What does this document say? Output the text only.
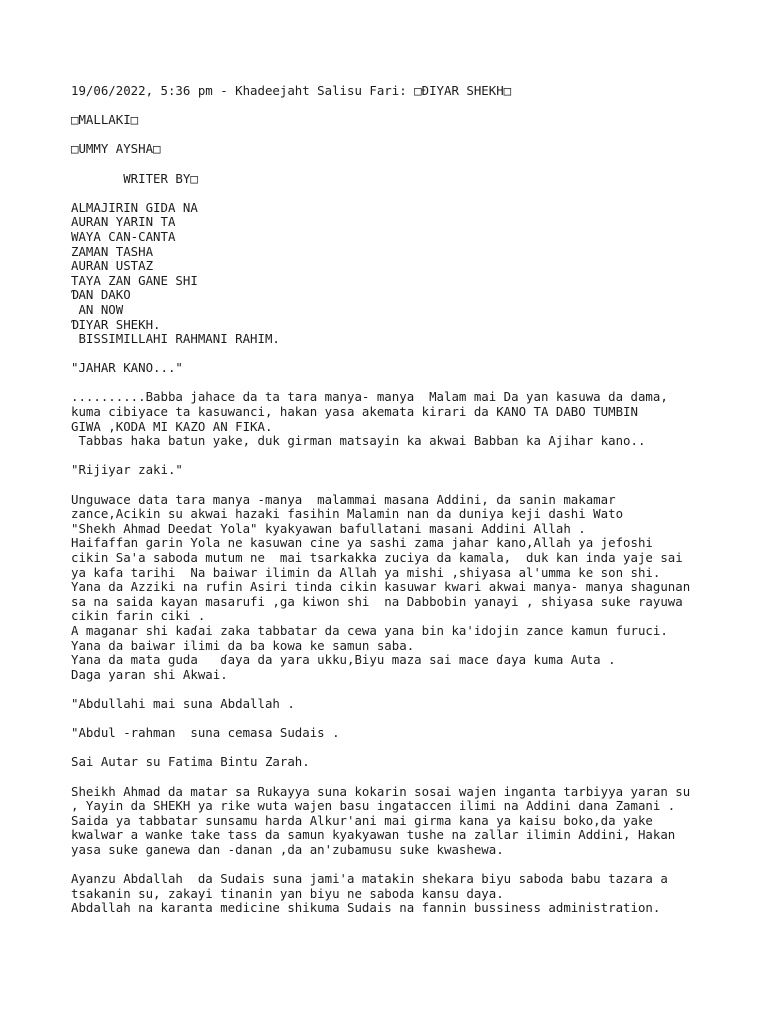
19/06/2022, 5:36 pm - Khadeejaht Salisu Fari: □ƉIYAR SHEKH□
□MALLAKI□
□UMMY AYSHA□
WRITER BY□
ALMAJIRIN GIDA NA
AURAN YARIN TA
WAYA CAN-CANTA
ZAMAN TASHA
AURAN USTAZ
TAYA ZAN GANE SHI
ƊAN DAKO
AN NOW
ƊIYAR SHEKH.
BISSIMILLAHI RAHMANI RAHIM.
"JAHAR KANO..."
..........Babba jahace da ta tara manya- manya  Malam mai Da yan kasuwa da dama,
kuma cibiyace ta kasuwanci, hakan yasa akemata kirari da KANO TA DABO TUMBIN
GIWA ,KODA MI KAZO AN FIKA.
Tabbas haka batun yake, duk girman matsayin ka akwai Babban ka Ajihar kano..
"Rijiyar zaki."
Unguwace data tara manya -manya  malammai masana Addini, da sanin makamar
zance,Acikin su akwai hazaki fasihin Malamin nan da duniya keji dashi Wato
"Shekh Ahmad Deedat Yola" kyakyawan bafullatani masani Addini Allah .
Haifaffan garin Yola ne kasuwan cine ya sashi zama jahar kano,Allah ya jefoshi
cikin Sa'a saboda mutum ne  mai tsarkakka zuciya da kamala,  duk kan inda yaje sai
ya kafa tarihi  Na baiwar ilimin da Allah ya mishi ,shiyasa al'umma ke son shi.
Yana da Azziki na rufin Asiri tinda cikin kasuwar kwari akwai manya- manya shagunan
sa na saida kayan masarufi ,ga kiwon shi  na Dabbobin yanayi , shiyasa suke rayuwa
cikin farin ciki .
A maganar shi kaɗai zaka tabbatar da cewa yana bin ka'idojin zance kamun furuci.
Yana da baiwar ilimi da ba kowa ke samun saba.
Yana da mata guda   ɗaya da yara ukku,Biyu maza sai mace ɗaya kuma Auta .
Daga yaran shi Akwai.
"Abdullahi mai suna Abdallah .
"Abdul -rahman  suna cemasa Sudais .
Sai Autar su Fatima Bintu Zarah.
Sheikh Ahmad da matar sa Rukayya suna kokarin sosai wajen inganta tarbiyya yaran su
, Yayin da SHEKH ya rike wuta wajen basu ingataccen ilimi na Addini dana Zamani .
Saida ya tabbatar sunsamu harda Alkur'ani mai girma kana ya kaisu boko,da yake
kwalwar a wanke take tass da samun kyakyawan tushe na zallar ilimin Addini, Hakan
yasa suke ganewa dan -danan ,da an'zubamusu suke kwashewa.
Ayanzu Abdallah  da Sudais suna jami'a matakin shekara biyu saboda babu tazara a
tsakanin su, zakayi tinanin yan biyu ne saboda kansu daya.
Abdallah na karanta medicine shikuma Sudais na fannin bussiness administration.
